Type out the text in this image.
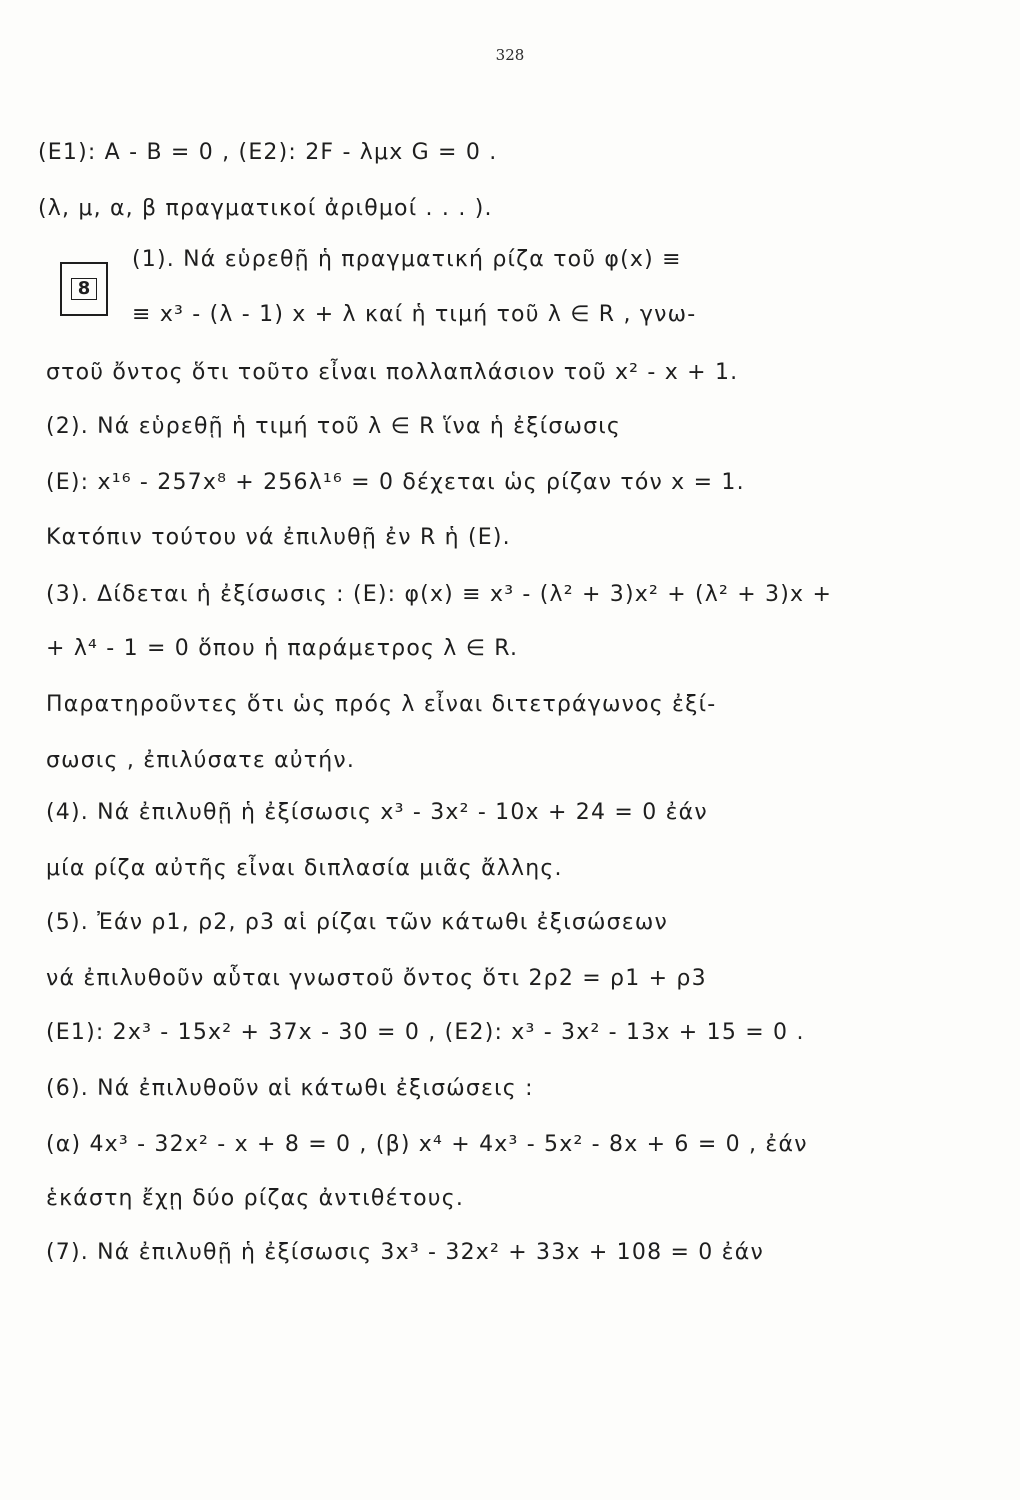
328
8
(E1): A - B = 0 , (E2): 2F - λμx G = 0 .
(λ, μ, α, β πραγματικοί ἀριθμοί . . . ).
(1). Νά εὑρεθῇ ἡ πραγματική ρίζα τοῦ φ(x) ≡
≡ x³ - (λ - 1) x + λ καί ἡ τιμή τοῦ λ ∈ R , γνω-
στοῦ ὄντος ὅτι τοῦτο εἶναι πολλαπλάσιον τοῦ x² - x + 1.
(2). Νά εὑρεθῇ ἡ τιμή τοῦ λ ∈ R ἵνα ἡ ἐξίσωσις
(E): x¹⁶ - 257x⁸ + 256λ¹⁶ = 0 δέχεται ὡς ρίζαν τόν x = 1.
Κατόπιν τούτου νά ἐπιλυθῇ ἐν R ἡ (E).
(3). Δίδεται ἡ ἐξίσωσις : (E): φ(x) ≡ x³ - (λ² + 3)x² + (λ² + 3)x +
+ λ⁴ - 1 = 0 ὅπου ἡ παράμετρος λ ∈ R.
Παρατηροῦντες ὅτι ὡς πρός λ εἶναι διτετράγωνος ἐξί-
σωσις , ἐπιλύσατε αὐτήν.
(4). Νά ἐπιλυθῇ ἡ ἐξίσωσις x³ - 3x² - 10x + 24 = 0 ἐάν
μία ρίζα αὐτῆς εἶναι διπλασία μιᾶς ἄλλης.
(5). Ἐάν ρ1, ρ2, ρ3 αἱ ρίζαι τῶν κάτωθι ἐξισώσεων
νά ἐπιλυθοῦν αὗται γνωστοῦ ὄντος ὅτι 2ρ2 = ρ1 + ρ3
(E1): 2x³ - 15x² + 37x - 30 = 0 , (E2): x³ - 3x² - 13x + 15 = 0 .
(6). Νά ἐπιλυθοῦν αἱ κάτωθι ἐξισώσεις :
(α) 4x³ - 32x² - x + 8 = 0 , (β) x⁴ + 4x³ - 5x² - 8x + 6 = 0 , ἐάν
ἑκάστη ἔχῃ δύο ρίζας ἀντιθέτους.
(7). Νά ἐπιλυθῇ ἡ ἐξίσωσις 3x³ - 32x² + 33x + 108 = 0 ἐάν
